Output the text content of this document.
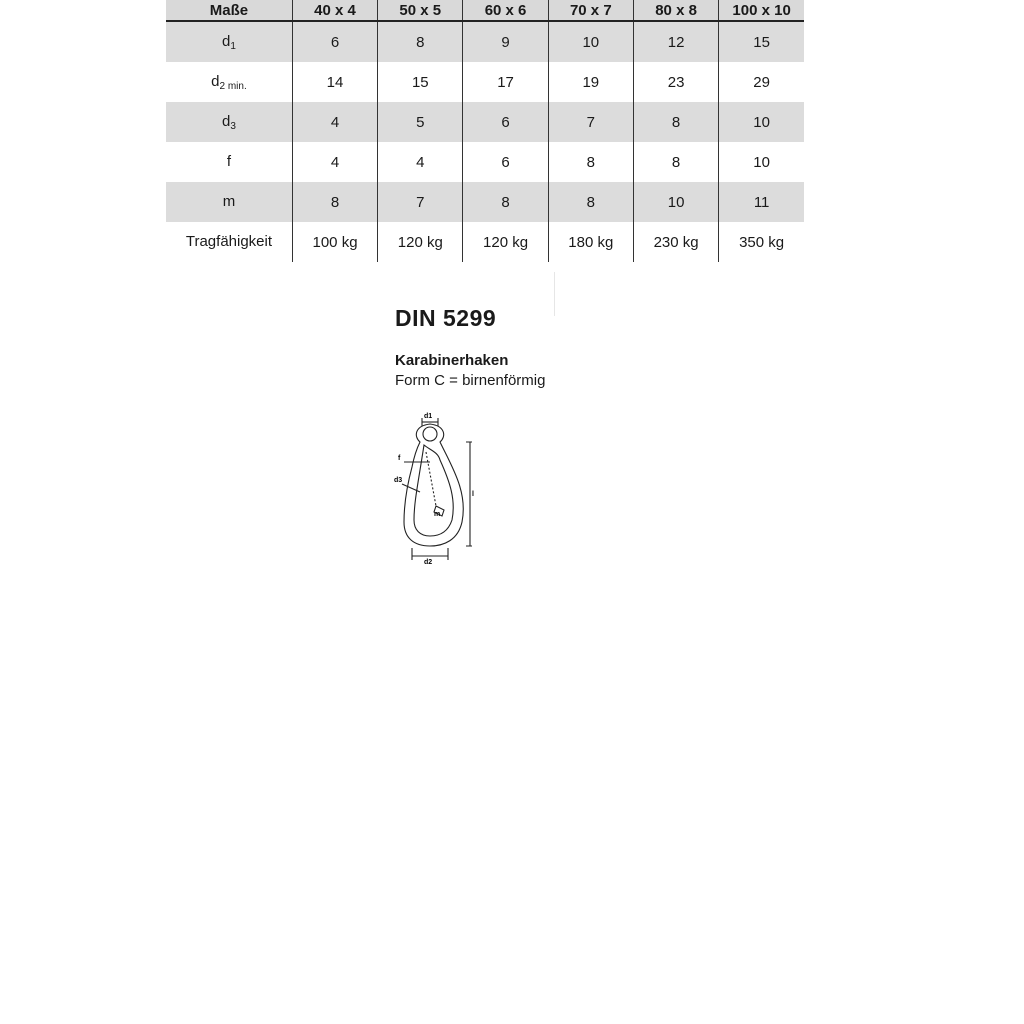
Maße	40 x 4	50 x 5	60 x 6	70 x 7	80 x 8	100 x 10
$d_1$	6	8	9	10	12	15
$d_{2 min.}$	14	15	17	19	23	29
$d_3$	4	5	6	7	8	10
f	4	4	6	8	8	10
m	8	7	8	8	10	11
Tragfähigkeit	100 kg	120 kg	120 kg	180 kg	230 kg	350 kg
DIN 5299
Karabinerhaken
Form C = birnenförmig
d1
f
d3
m
l
d2
